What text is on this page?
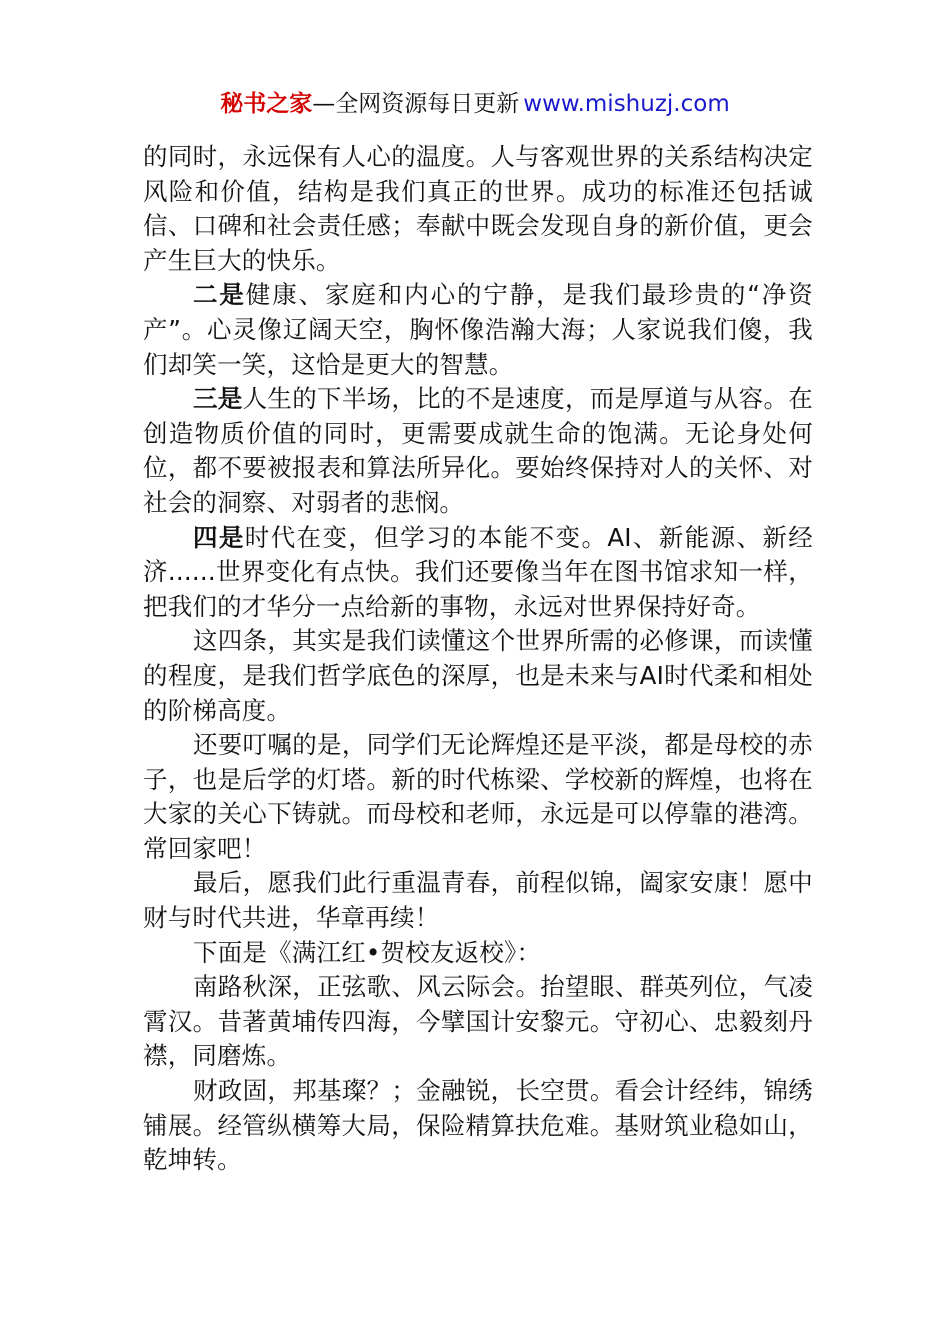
秘书之家—全网资源每日更新 www.mishuzj.com

的同时，永远保有人心的温度。人与客观世界的关系结构决定风险和价值，结构是我们真正的世界。成功的标准还包括诚信、口碑和社会责任感；奉献中既会发现自身的新价值，更会产生巨大的快乐。

二是健康、家庭和内心的宁静，是我们最珍贵的“净资产”。心灵像辽阔天空，胸怀像浩瀚大海；人家说我们傻，我们却笑一笑，这恰是更大的智慧。

三是人生的下半场，比的不是速度，而是厚道与从容。在创造物质价值的同时，更需要成就生命的饱满。无论身处何位，都不要被报表和算法所异化。要始终保持对人的关怀、对社会的洞察、对弱者的悲悯。

四是时代在变，但学习的本能不变。AI、新能源、新经济......世界变化有点快。我们还要像当年在图书馆求知一样，把我们的才华分一点给新的事物，永远对世界保持好奇。

这四条，其实是我们读懂这个世界所需的必修课，而读懂的程度，是我们哲学底色的深厚，也是未来与AI时代柔和相处的阶梯高度。

还要叮嘱的是，同学们无论辉煌还是平淡，都是母校的赤子，也是后学的灯塔。新的时代栋梁、学校新的辉煌，也将在大家的关心下铸就。而母校和老师，永远是可以停靠的港湾。常回家吧！

最后，愿我们此行重温青春，前程似锦，阖家安康！愿中财与时代共进，华章再续！

下面是《满江红•贺校友返校》：

南路秋深，正弦歌、风云际会。抬望眼、群英列位，气凌霄汉。昔著黄埔传四海，今擘国计安黎元。守初心、忠毅刻丹襟，同磨炼。

财政固，邦基璨？；金融锐，长空贯。看会计经纬，锦绣铺展。经管纵横筹大局，保险精算扶危难。基财筑业稳如山，乾坤转。
